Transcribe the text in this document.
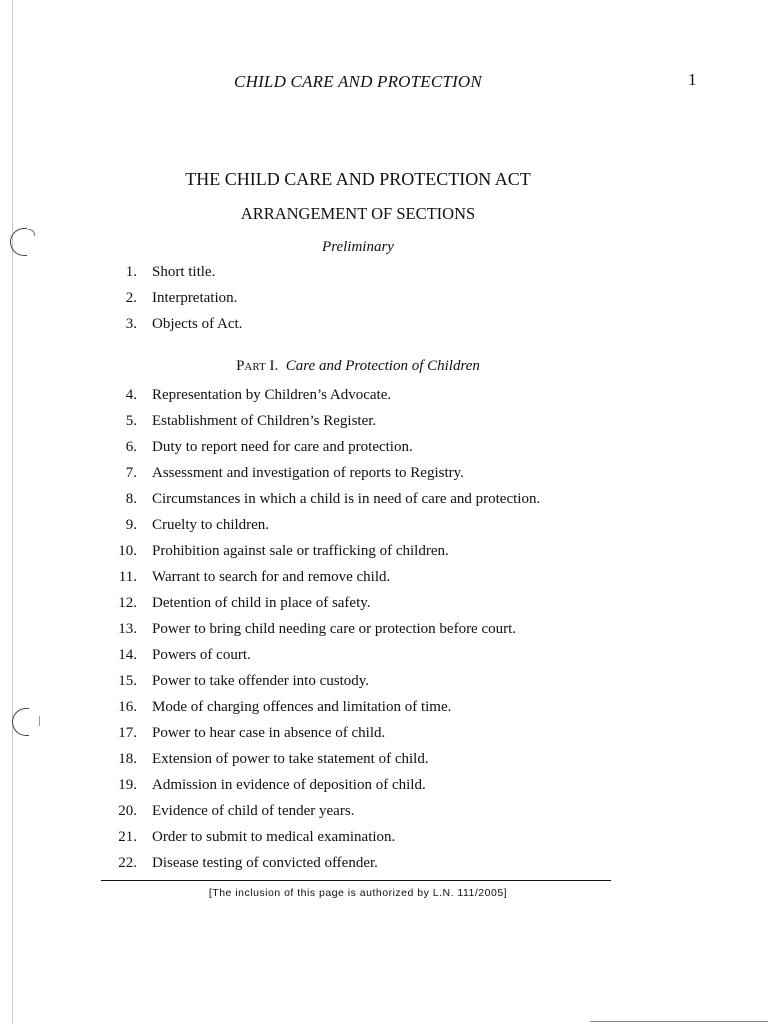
CHILD CARE AND PROTECTION	1
THE CHILD CARE AND PROTECTION ACT
ARRANGEMENT OF SECTIONS
Preliminary
1. Short title.
2. Interpretation.
3. Objects of Act.
Part I. Care and Protection of Children
4. Representation by Children’s Advocate.
5. Establishment of Children’s Register.
6. Duty to report need for care and protection.
7. Assessment and investigation of reports to Registry.
8. Circumstances in which a child is in need of care and protection.
9. Cruelty to children.
10. Prohibition against sale or trafficking of children.
11. Warrant to search for and remove child.
12. Detention of child in place of safety.
13. Power to bring child needing care or protection before court.
14. Powers of court.
15. Power to take offender into custody.
16. Mode of charging offences and limitation of time.
17. Power to hear case in absence of child.
18. Extension of power to take statement of child.
19. Admission in evidence of deposition of child.
20. Evidence of child of tender years.
21. Order to submit to medical examination.
22. Disease testing of convicted offender.
[The inclusion of this page is authorized by L.N. 111/2005]
